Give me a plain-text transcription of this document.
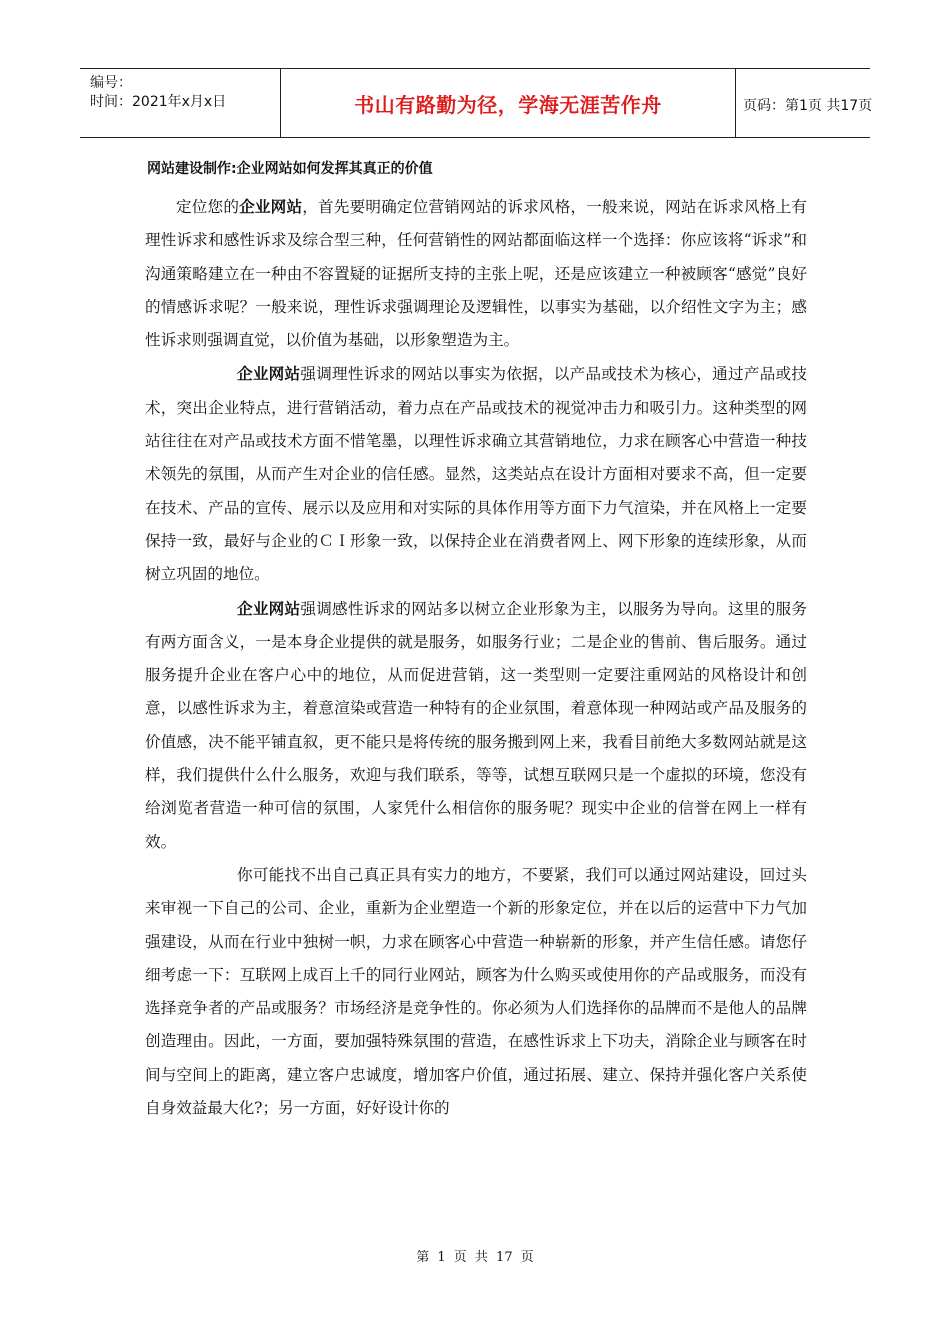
编号：
时间：2021年x月x日	书山有路勤为径，学海无涯苦作舟	页码：第1页 共17页
网站建设制作:企业网站如何发挥其真正的价值

定位您的企业网站，首先要明确定位营销网站的诉求风格，一般来说，网站在诉求风格上有理性诉求和感性诉求及综合型三种，任何营销性的网站都面临这样一个选择：你应该将“诉求”和沟通策略建立在一种由不容置疑的证据所支持的主张上呢，还是应该建立一种被顾客“感觉”良好的情感诉求呢？一般来说，理性诉求强调理论及逻辑性，以事实为基础，以介绍性文字为主；感性诉求则强调直觉，以价值为基础，以形象塑造为主。

企业网站强调理性诉求的网站以事实为依据，以产品或技术为核心，通过产品或技术，突出企业特点，进行营销活动，着力点在产品或技术的视觉冲击力和吸引力。这种类型的网站往往在对产品或技术方面不惜笔墨，以理性诉求确立其营销地位，力求在顾客心中营造一种技术领先的氛围，从而产生对企业的信任感。显然，这类站点在设计方面相对要求不高，但一定要在技术、产品的宣传、展示以及应用和对实际的具体作用等方面下力气渲染，并在风格上一定要保持一致，最好与企业的ＣＩ形象一致，以保持企业在消费者网上、网下形象的连续形象，从而树立巩固的地位。

企业网站强调感性诉求的网站多以树立企业形象为主，以服务为导向。这里的服务有两方面含义，一是本身企业提供的就是服务，如服务行业；二是企业的售前、售后服务。通过服务提升企业在客户心中的地位，从而促进营销，这一类型则一定要注重网站的风格设计和创意，以感性诉求为主，着意渲染或营造一种特有的企业氛围，着意体现一种网站或产品及服务的价值感，决不能平铺直叙，更不能只是将传统的服务搬到网上来，我看目前绝大多数网站就是这样，我们提供什么什么服务，欢迎与我们联系，等等，试想互联网只是一个虚拟的环境，您没有给浏览者营造一种可信的氛围，人家凭什么相信你的服务呢？现实中企业的信誉在网上一样有效。

你可能找不出自己真正具有实力的地方，不要紧，我们可以通过网站建设，回过头来审视一下自己的公司、企业，重新为企业塑造一个新的形象定位，并在以后的运营中下力气加强建设，从而在行业中独树一帜，力求在顾客心中营造一种崭新的形象，并产生信任感。请您仔细考虑一下：互联网上成百上千的同行业网站，顾客为什么购买或使用你的产品或服务，而没有选择竞争者的产品或服务？市场经济是竞争性的。你必须为人们选择你的品牌而不是他人的品牌创造理由。因此，一方面，要加强特殊氛围的营造，在感性诉求上下功夫，消除企业与顾客在时间与空间上的距离，建立客户忠诚度，增加客户价值，通过拓展、建立、保持并强化客户关系使自身效益最大化?；另一方面，好好设计你的

第 1 页 共 17 页
